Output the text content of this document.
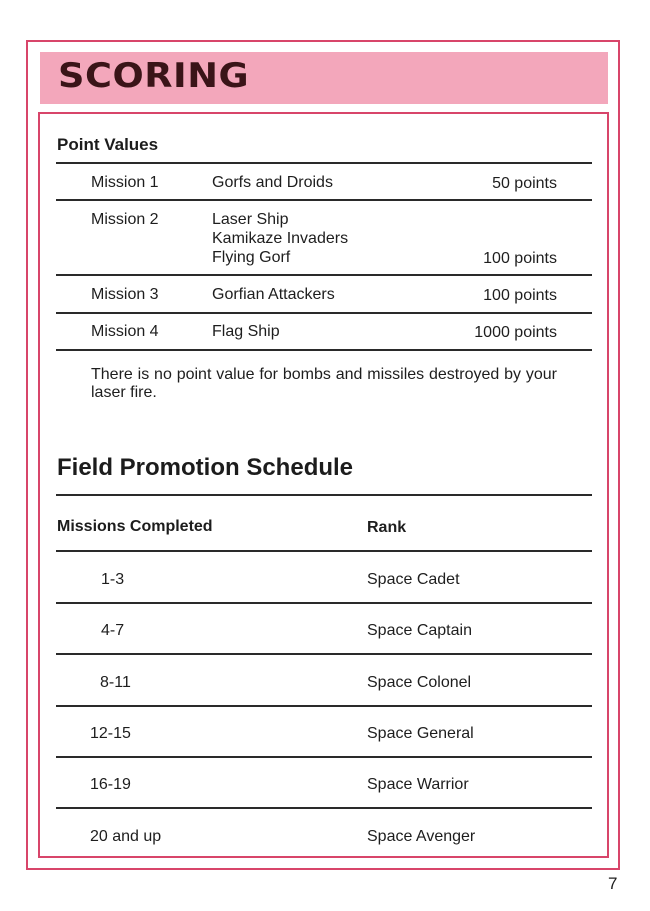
SCORING
Point Values
Mission 1	Gorfs and Droids	50 points
Mission 2	Laser Ship
Kamikaze Invaders
Flying Gorf	100 points
Mission 3	Gorfian Attackers	100 points
Mission 4	Flag Ship	1000 points
There is no point value for bombs and missiles destroyed by your laser fire.
Field Promotion Schedule
Missions Completed	Rank
1-3	Space Cadet
4-7	Space Captain
8-11	Space Colonel
12-15	Space General
16-19	Space Warrior
20 and up	Space Avenger
7
